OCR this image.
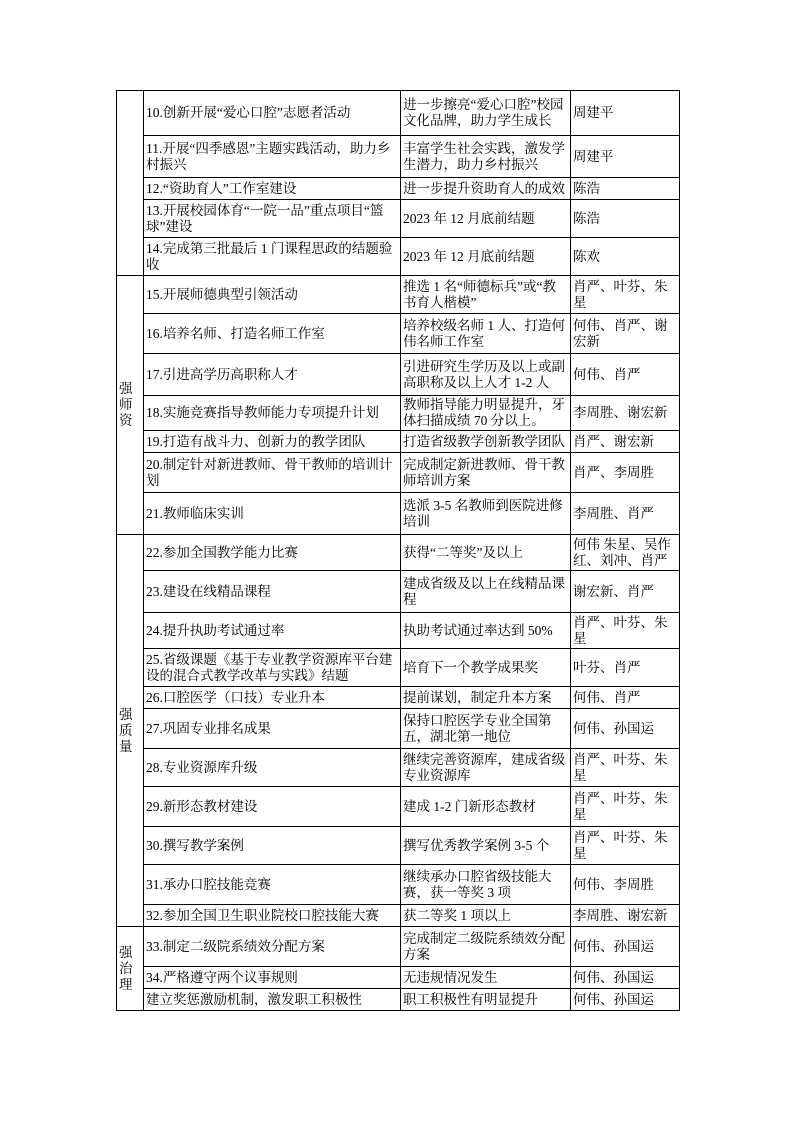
	10.创新开展“爱心口腔”志愿者活动	进一步擦亮“爱心口腔”校园文化品牌，助力学生成长	周建平
	11.开展“四季感恩”主题实践活动，助力乡村振兴	丰富学生社会实践，激发学生潜力，助力乡村振兴	周建平
	12.“资助育人”工作室建设	进一步提升资助育人的成效	陈浩
	13.开展校园体育“一院一品”重点项目“篮球”建设	2023 年 12 月底前结题	陈浩
	14.完成第三批最后 1 门课程思政的结题验收	2023 年 12 月底前结题	陈欢
强师资	15.开展师德典型引领活动	推选 1 名“师德标兵”或“教书育人楷模”	肖严、叶芬、朱星
	16.培养名师、打造名师工作室	培养校级名师 1 人、打造何伟名师工作室	何伟、肖严、谢宏新
	17.引进高学历高职称人才	引进研究生学历及以上或副高职称及以上人才 1-2 人	何伟、肖严
	18.实施竞赛指导教师能力专项提升计划	教师指导能力明显提升，牙体扫描成绩 70 分以上。	李周胜、谢宏新
	19.打造有战斗力、创新力的教学团队	打造省级教学创新教学团队	肖严、谢宏新
	20.制定针对新进教师、骨干教师的培训计划	完成制定新进教师、骨干教师培训方案	肖严、李周胜
	21.教师临床实训	选派 3-5 名教师到医院进修培训	李周胜、肖严
强质量	22.参加全国教学能力比赛	获得“二等奖”及以上	何伟 朱星、吴作红、刘冲、肖严
	23.建设在线精品课程	建成省级及以上在线精品课程	谢宏新、肖严
	24.提升执助考试通过率	执助考试通过率达到 50%	肖严、叶芬、朱星
	25.省级课题《基于专业教学资源库平台建设的混合式教学改革与实践》结题	培育下一个教学成果奖	叶芬、肖严
	26.口腔医学（口技）专业升本	提前谋划，制定升本方案	何伟、肖严
	27.巩固专业排名成果	保持口腔医学专业全国第五，湖北第一地位	何伟、孙国运
	28.专业资源库升级	继续完善资源库，建成省级专业资源库	肖严、叶芬、朱星
	29.新形态教材建设	建成 1-2 门新形态教材	肖严、叶芬、朱星
	30.撰写教学案例	撰写优秀教学案例 3-5 个	肖严、叶芬、朱星
	31.承办口腔技能竞赛	继续承办口腔省级技能大赛，获一等奖 3 项	何伟、李周胜
	32.参加全国卫生职业院校口腔技能大赛	获二等奖 1 项以上	李周胜、谢宏新
强治理	33.制定二级院系绩效分配方案	完成制定二级院系绩效分配方案	何伟、孙国运
	34.严格遵守两个议事规则	无违规情况发生	何伟、孙国运
	建立奖惩激励机制，激发职工积极性	职工积极性有明显提升	何伟、孙国运
